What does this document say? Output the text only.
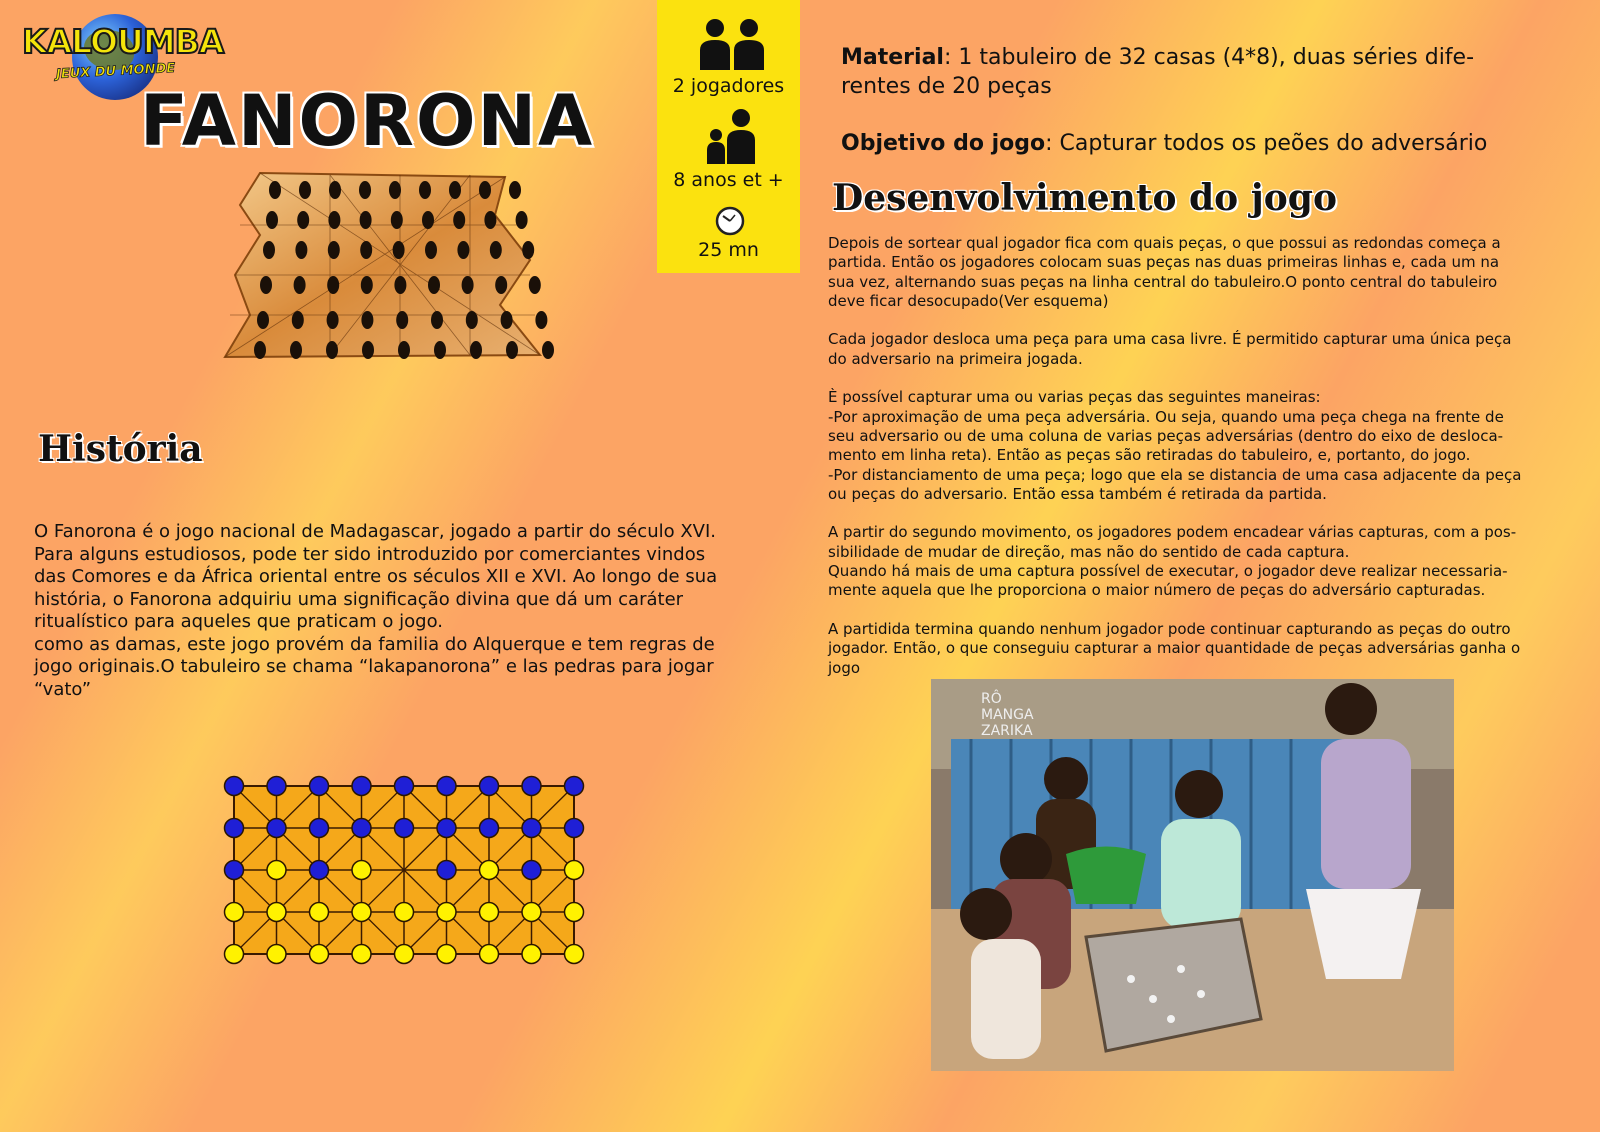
KALOUMBA
JEUX DU MONDE
FANORONA	2 jogadores
8 anos et +
25 mn
Material: 1 tabuleiro de 32 casas (4*8), duas séries dife-
rentes de 20 peças
Objetivo do jogo: Capturar todos os peões do adversário
Desenvolvimento do jogo
Depois de sortear qual jogador fica com quais peças, o que possui as redondas começa a
partida. Então os jogadores colocam suas peças nas duas primeiras linhas e, cada um na
sua vez, alternando suas peças na linha central do tabuleiro.O ponto central do tabuleiro
deve ficar desocupado(Ver esquema)

Cada jogador desloca uma peça para uma casa livre. É permitido capturar uma única peça
do adversario na primeira jogada.

È possível capturar uma ou varias peças das seguintes maneiras:
-Por aproximação de uma peça adversária. Ou seja, quando uma peça chega na frente de
seu adversario ou de uma coluna de varias peças adversárias (dentro do eixo de desloca-
mento em linha reta). Então as peças são retiradas do tabuleiro, e, portanto, do jogo.
-Por distanciamento de uma peça; logo que ela se distancia de uma casa adjacente da peça
ou peças do adversario. Então essa também é retirada da partida.

A partir do segundo movimento, os jogadores podem encadear várias capturas, com a pos-
sibilidade de mudar de direção, mas não do sentido de cada captura.
Quando há mais de uma captura possível de executar, o jogador deve realizar necessaria-
mente aquela que lhe proporciona o maior número de peças do adversário capturadas.

A partidida termina quando nenhum jogador pode continuar capturando as peças do outro
jogador. Então, o que conseguiu capturar a maior quantidade de peças adversárias ganha o
jogo
História
O Fanorona é o jogo nacional de Madagascar, jogado a partir do século XVI.
Para alguns estudiosos, pode ter sido introduzido por comerciantes vindos
das Comores e da África oriental entre os séculos XII e XVI. Ao longo de sua
história, o Fanorona adquiriu uma significação divina que dá um caráter
ritualístico para aqueles que praticam o jogo.
como as damas, este jogo provém da familia do Alquerque e tem regras de
jogo originais.O tabuleiro se chama “lakapanorona” e las pedras para jogar
“vato”	RÔ
MANGA
ZARIKA
